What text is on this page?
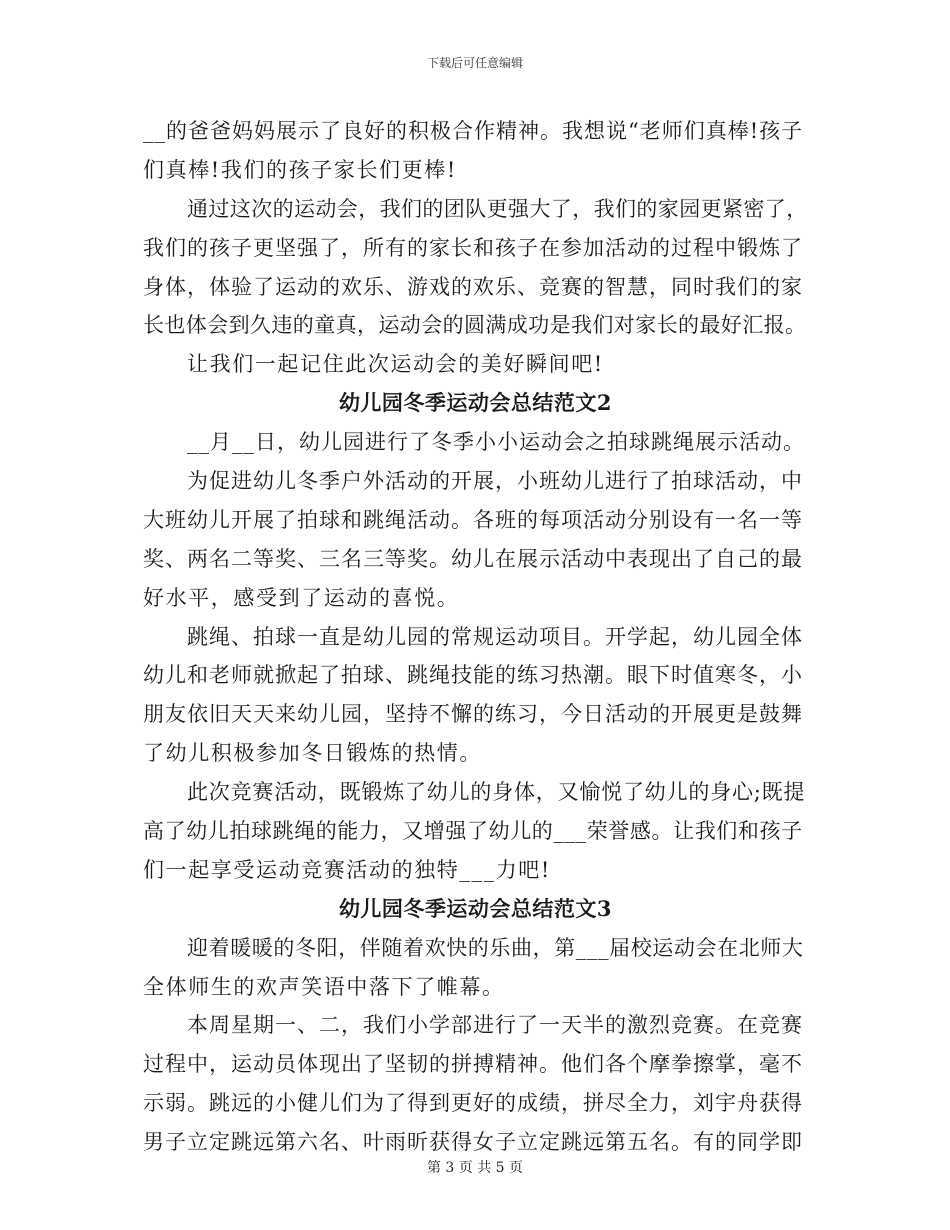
下载后可任意编辑
__的爸爸妈妈展示了良好的积极合作精神。我想说“老师们真棒!孩子
们真棒!我们的孩子家长们更棒!
通过这次的运动会，我们的团队更强大了，我们的家园更紧密了，
我们的孩子更坚强了，所有的家长和孩子在参加活动的过程中锻炼了
身体，体验了运动的欢乐、游戏的欢乐、竞赛的智慧，同时我们的家
长也体会到久违的童真，运动会的圆满成功是我们对家长的最好汇报。
让我们一起记住此次运动会的美好瞬间吧!
幼儿园冬季运动会总结范文2
__月__日，幼儿园进行了冬季小小运动会之拍球跳绳展示活动。
为促进幼儿冬季户外活动的开展，小班幼儿进行了拍球活动，中
大班幼儿开展了拍球和跳绳活动。各班的每项活动分别设有一名一等
奖、两名二等奖、三名三等奖。幼儿在展示活动中表现出了自己的最
好水平，感受到了运动的喜悦。
跳绳、拍球一直是幼儿园的常规运动项目。开学起，幼儿园全体
幼儿和老师就掀起了拍球、跳绳技能的练习热潮。眼下时值寒冬，小
朋友依旧天天来幼儿园，坚持不懈的练习，今日活动的开展更是鼓舞
了幼儿积极参加冬日锻炼的热情。
此次竞赛活动，既锻炼了幼儿的身体，又愉悦了幼儿的身心;既提
高了幼儿拍球跳绳的能力，又增强了幼儿的___荣誉感。让我们和孩子
们一起享受运动竞赛活动的独特___力吧!
幼儿园冬季运动会总结范文3
迎着暖暖的冬阳，伴随着欢快的乐曲，第___届校运动会在北师大
全体师生的欢声笑语中落下了帷幕。
本周星期一、二，我们小学部进行了一天半的激烈竞赛。在竞赛
过程中，运动员体现出了坚韧的拼搏精神。他们各个摩拳擦掌，毫不
示弱。跳远的小健儿们为了得到更好的成绩，拼尽全力，刘宇舟获得
男子立定跳远第六名、叶雨昕获得女子立定跳远第五名。有的同学即
第 3 页 共 5 页
